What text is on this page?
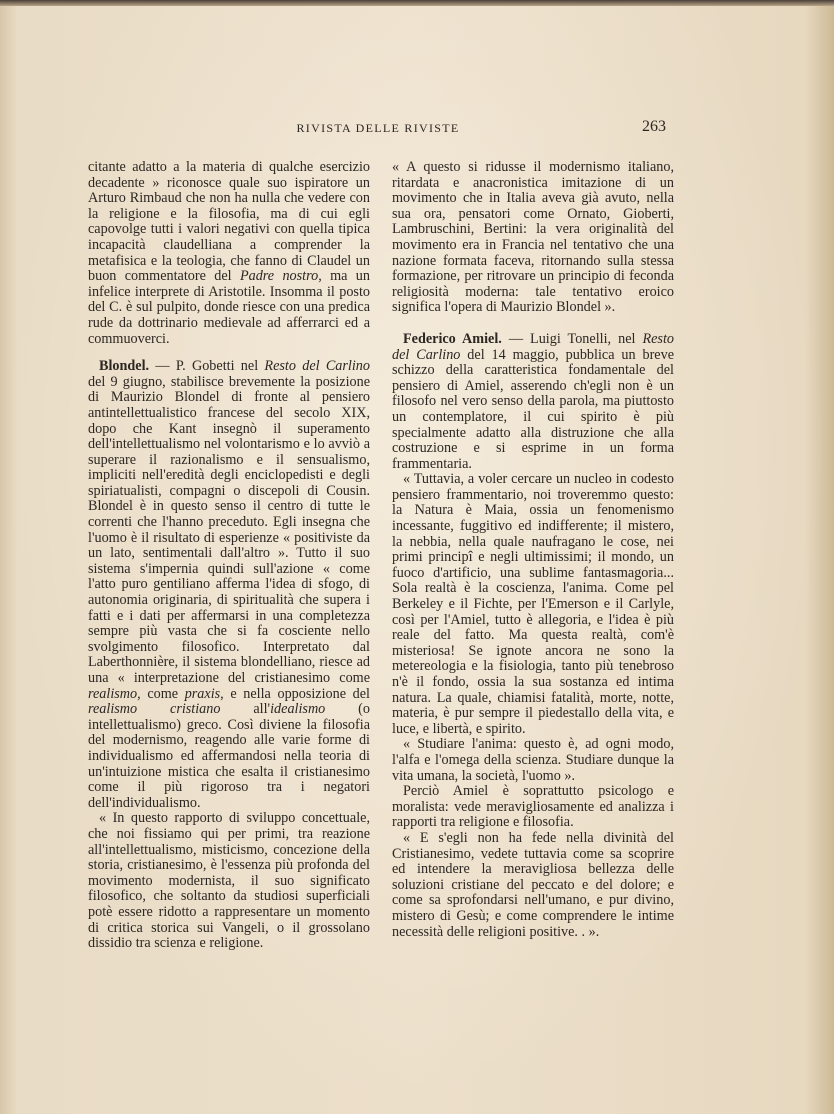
RIVISTA DELLE RIVISTE	263

citante adatto a la materia di qualche esercizio decadente » riconosce quale suo ispiratore un Arturo Rimbaud che non ha nulla che vedere con la religione e la filosofia, ma di cui egli capovolge tutti i valori negativi con quella tipica incapacità claudelliana a comprender la metafisica e la teologia, che fanno di Claudel un buon commentatore del Padre nostro, ma un infelice interprete di Aristotile. Insomma il posto del C. è sul pulpito, donde riesce con una predica rude da dottrinario medievale ad afferrarci ed a commuoverci.

Blondel. — P. Gobetti nel Resto del Carlino del 9 giugno, stabilisce brevemente la posizione di Maurizio Blondel di fronte al pensiero antintellettualistico francese del secolo XIX, dopo che Kant insegnò il superamento dell'intellettualismo nel volontarismo e lo avviò a superare il razionalismo e il sensualismo, impliciti nell'eredità degli enciclopedisti e degli spiriatualisti, compagni o discepoli di Cousin. Blondel è in questo senso il centro di tutte le correnti che l'hanno preceduto. Egli insegna che l'uomo è il risultato di esperienze « positiviste da un lato, sentimentali dall'altro ». Tutto il suo sistema s'impernia quindi sull'azione « come l'atto puro gentiliano afferma l'idea di sfogo, di autonomia originaria, di spiritualità che supera i fatti e i dati per affermarsi in una completezza sempre più vasta che si fa cosciente nello svolgimento filosofico. Interpretato dal Laberthonnière, il sistema blondelliano, riesce ad una « interpretazione del cristianesimo come realismo, come praxis, e nella opposizione del realismo cristiano all'idealismo (o intellettualismo) greco. Così diviene la filosofia del modernismo, reagendo alle varie forme di individualismo ed affermandosi nella teoria di un'intuizione mistica che esalta il cristianesimo come il più rigoroso tra i negatori dell'individualismo.

« In questo rapporto di sviluppo concettuale, che noi fissiamo qui per primi, tra reazione all'intellettualismo, misticismo, concezione della storia, cristianesimo, è l'essenza più profonda del movimento modernista, il suo significato filosofico, che soltanto da studiosi superficiali potè essere ridotto a rappresentare un momento di critica storica sui Vangeli, o il grossolano dissidio tra scienza e religione.

« A questo si ridusse il modernismo italiano, ritardata e anacronistica imitazione di un movimento che in Italia aveva già avuto, nella sua ora, pensatori come Ornato, Gioberti, Lambruschini, Bertini: la vera originalità del movimento era in Francia nel tentativo che una nazione formata faceva, ritornando sulla stessa formazione, per ritrovare un principio di feconda religiosità moderna: tale tentativo eroico significa l'opera di Maurizio Blondel ».

Federico Amiel. — Luigi Tonelli, nel Resto del Carlino del 14 maggio, pubblica un breve schizzo della caratteristica fondamentale del pensiero di Amiel, asserendo ch'egli non è un filosofo nel vero senso della parola, ma piuttosto un contemplatore, il cui spirito è più specialmente adatto alla distruzione che alla costruzione e si esprime in un forma frammentaria.

« Tuttavia, a voler cercare un nucleo in codesto pensiero frammentario, noi troveremmo questo: la Natura è Maia, ossia un fenomenismo incessante, fuggitivo ed indifferente; il mistero, la nebbia, nella quale naufragano le cose, nei primi principî e negli ultimissimi; il mondo, un fuoco d'artificio, una sublime fantasmagoria... Sola realtà è la coscienza, l'anima. Come pel Berkeley e il Fichte, per l'Emerson e il Carlyle, così per l'Amiel, tutto è allegoria, e l'idea è più reale del fatto. Ma questa realtà, com'è misteriosa! Se ignote ancora ne sono la metereologia e la fisiologia, tanto più tenebroso n'è il fondo, ossia la sua sostanza ed intima natura. La quale, chiamisi fatalità, morte, notte, materia, è pur sempre il piedestallo della vita, e luce, e libertà, e spirito.

« Studiare l'anima: questo è, ad ogni modo, l'alfa e l'omega della scienza. Studiare dunque la vita umana, la società, l'uomo ».

Perciò Amiel è soprattutto psicologo e moralista: vede meravigliosamente ed analizza i rapporti tra religione e filosofia.

« E s'egli non ha fede nella divinità del Cristianesimo, vedete tuttavia come sa scoprire ed intendere la meravigliosa bellezza delle soluzioni cristiane del peccato e del dolore; e come sa sprofondarsi nell'umano, e pur divino, mistero di Gesù; e come comprendere le intime necessità delle religioni positive. . ».
